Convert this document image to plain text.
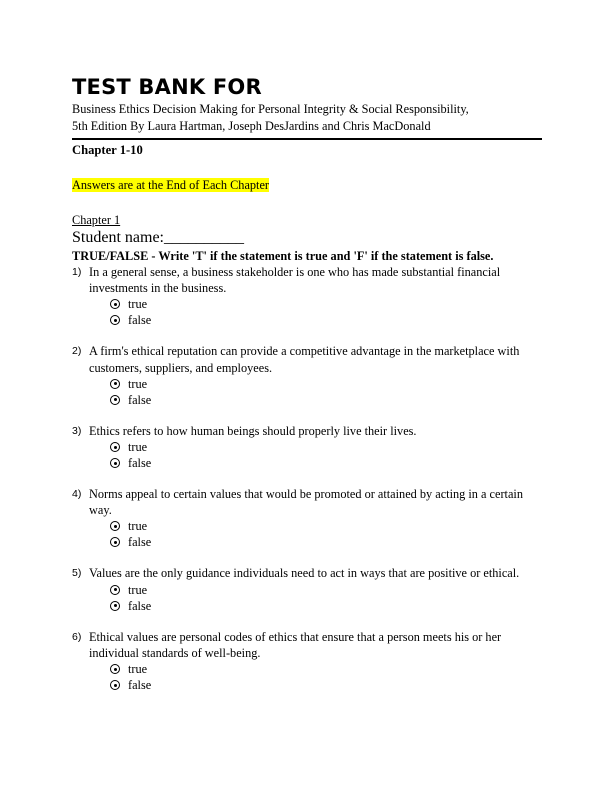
TEST BANK FOR
Business Ethics Decision Making for Personal Integrity & Social Responsibility,
5th Edition By Laura Hartman, Joseph DesJardins and Chris MacDonald
Chapter 1-10
Answers are at the End of Each Chapter
Chapter 1
Student name:__________
TRUE/FALSE - Write 'T' if the statement is true and 'F' if the statement is false.
1) In a general sense, a business stakeholder is one who has made substantial financial
investments in the business.
true
false
2) A firm's ethical reputation can provide a competitive advantage in the marketplace with
customers, suppliers, and employees.
true
false
3) Ethics refers to how human beings should properly live their lives.
true
false
4) Norms appeal to certain values that would be promoted or attained by acting in a certain way.
true
false
5) Values are the only guidance individuals need to act in ways that are positive or ethical.
true
false
6) Ethical values are personal codes of ethics that ensure that a person meets his or her
individual standards of well-being.
true
false
